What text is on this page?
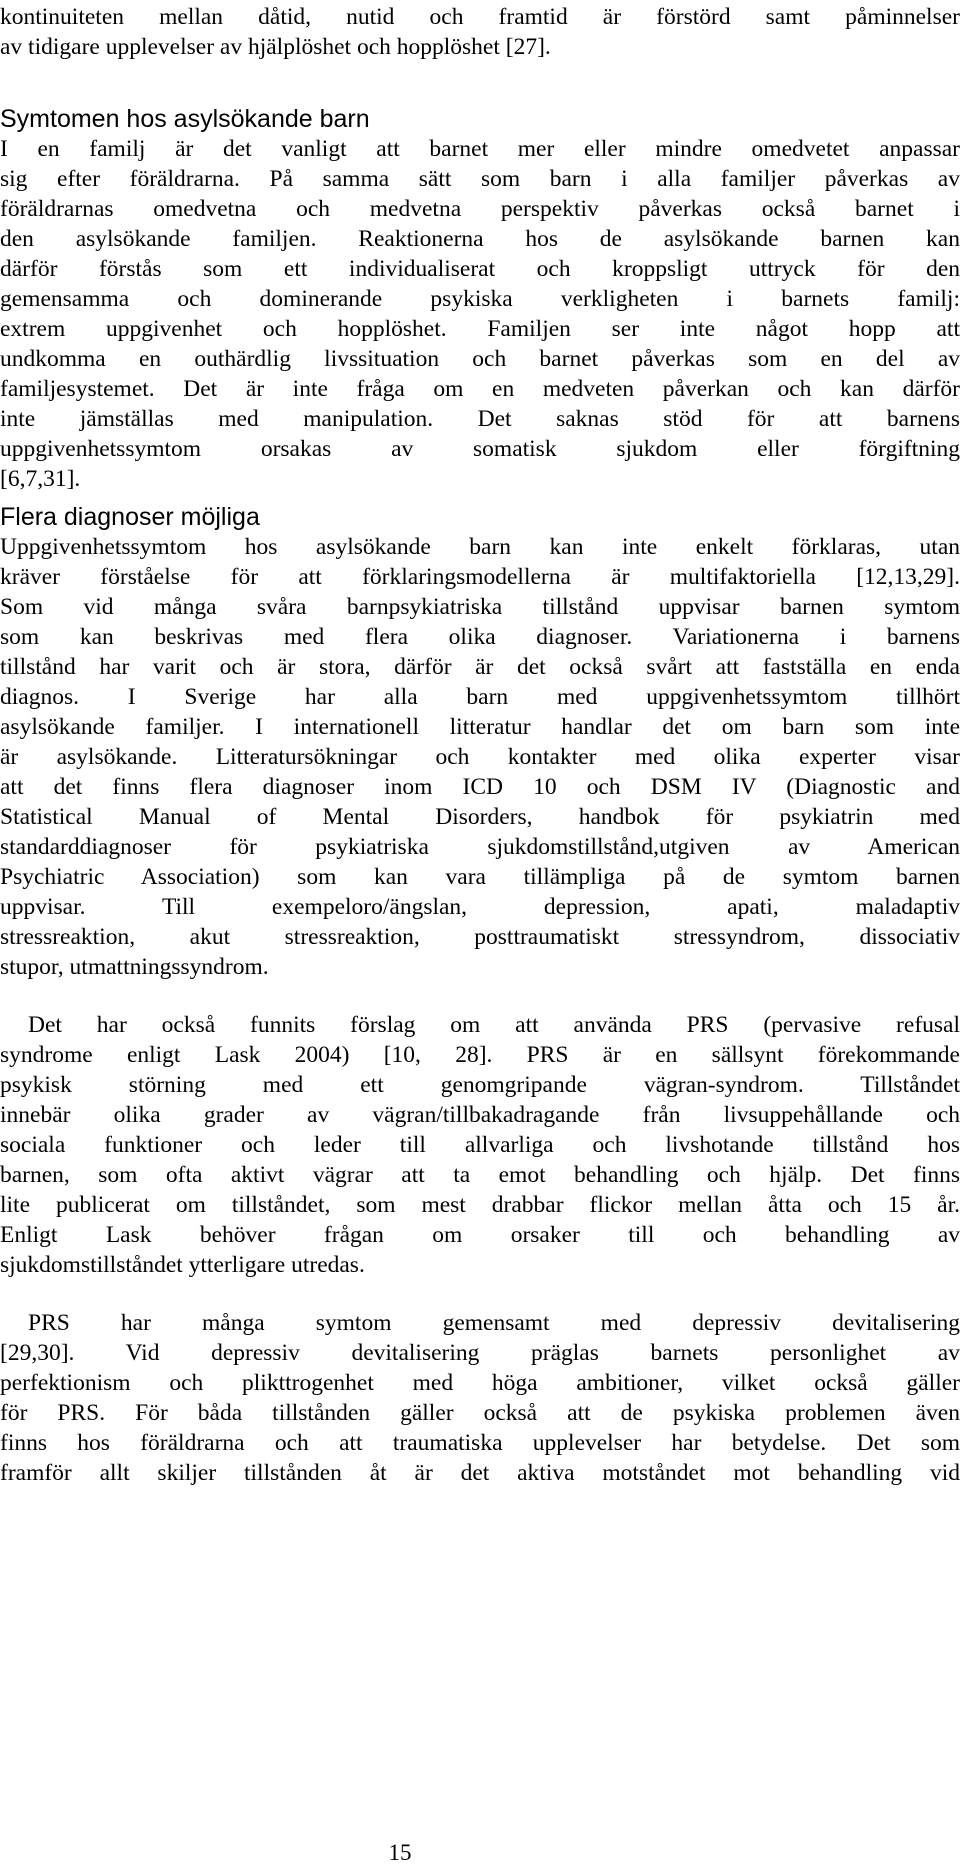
kontinuiteten mellan dåtid, nutid och framtid är förstörd samt påminnelser
av tidigare upplevelser av hjälplöshet och hopplöshet [27].
Symtomen hos asylsökande barn
I en familj är det vanligt att barnet mer eller mindre omedvetet anpassar
sig efter föräldrarna. På samma sätt som barn i alla familjer påverkas av
föräldrarnas omedvetna och medvetna perspektiv påverkas också barnet i
den asylsökande familjen. Reaktionerna hos de asylsökande barnen kan
därför förstås som ett individualiserat och kroppsligt uttryck för den
gemensamma och dominerande psykiska verkligheten i barnets familj:
extrem uppgivenhet och hopplöshet. Familjen ser inte något hopp att
undkomma en outhärdlig livssituation och barnet påverkas som en del av
familjesystemet. Det är inte fråga om en medveten påverkan och kan därför
inte jämställas med manipulation. Det saknas stöd för att barnens
uppgivenhetssymtom orsakas av somatisk sjukdom eller förgiftning
[6,7,31].
Flera diagnoser möjliga
Uppgivenhetssymtom hos asylsökande barn kan inte enkelt förklaras, utan
kräver förståelse för att förklaringsmodellerna är multifaktoriella [12,13,29].
Som vid många svåra barnpsykiatriska tillstånd uppvisar barnen symtom
som kan beskrivas med flera olika diagnoser. Variationerna i barnens
tillstånd har varit och är stora, därför är det också svårt att fastställa en enda
diagnos. I Sverige har alla barn med uppgivenhetssymtom tillhört
asylsökande familjer. I internationell litteratur handlar det om barn som inte
är asylsökande. Litteratursökningar och kontakter med olika experter visar
att det finns flera diagnoser inom ICD 10 och DSM IV (Diagnostic and
Statistical Manual of Mental Disorders, handbok för psykiatrin med
standarddiagnoser för psykiatriska sjukdomstillstånd,utgiven av American
Psychiatric Association) som kan vara tillämpliga på de symtom barnen
uppvisar. Till exempeloro/ängslan, depression, apati, maladaptiv
stressreaktion, akut stressreaktion, posttraumatiskt stressyndrom, dissociativ
stupor, utmattningssyndrom.
Det har också funnits förslag om att använda PRS (pervasive refusal
syndrome enligt Lask 2004) [10, 28]. PRS är en sällsynt förekommande
psykisk störning med ett genomgripande vägran-syndrom. Tillståndet
innebär olika grader av vägran/tillbakadragande från livsuppehållande och
sociala funktioner och leder till allvarliga och livshotande tillstånd hos
barnen, som ofta aktivt vägrar att ta emot behandling och hjälp. Det finns
lite publicerat om tillståndet, som mest drabbar flickor mellan åtta och 15 år.
Enligt Lask behöver frågan om orsaker till och behandling av
sjukdomstillståndet ytterligare utredas.
PRS har många symtom gemensamt med depressiv devitalisering
[29,30]. Vid depressiv devitalisering präglas barnets personlighet av
perfektionism och plikttrogenhet med höga ambitioner, vilket också gäller
för PRS. För båda tillstånden gäller också att de psykiska problemen även
finns hos föräldrarna och att traumatiska upplevelser har betydelse. Det som
framför allt skiljer tillstånden åt är det aktiva motståndet mot behandling vid
15
